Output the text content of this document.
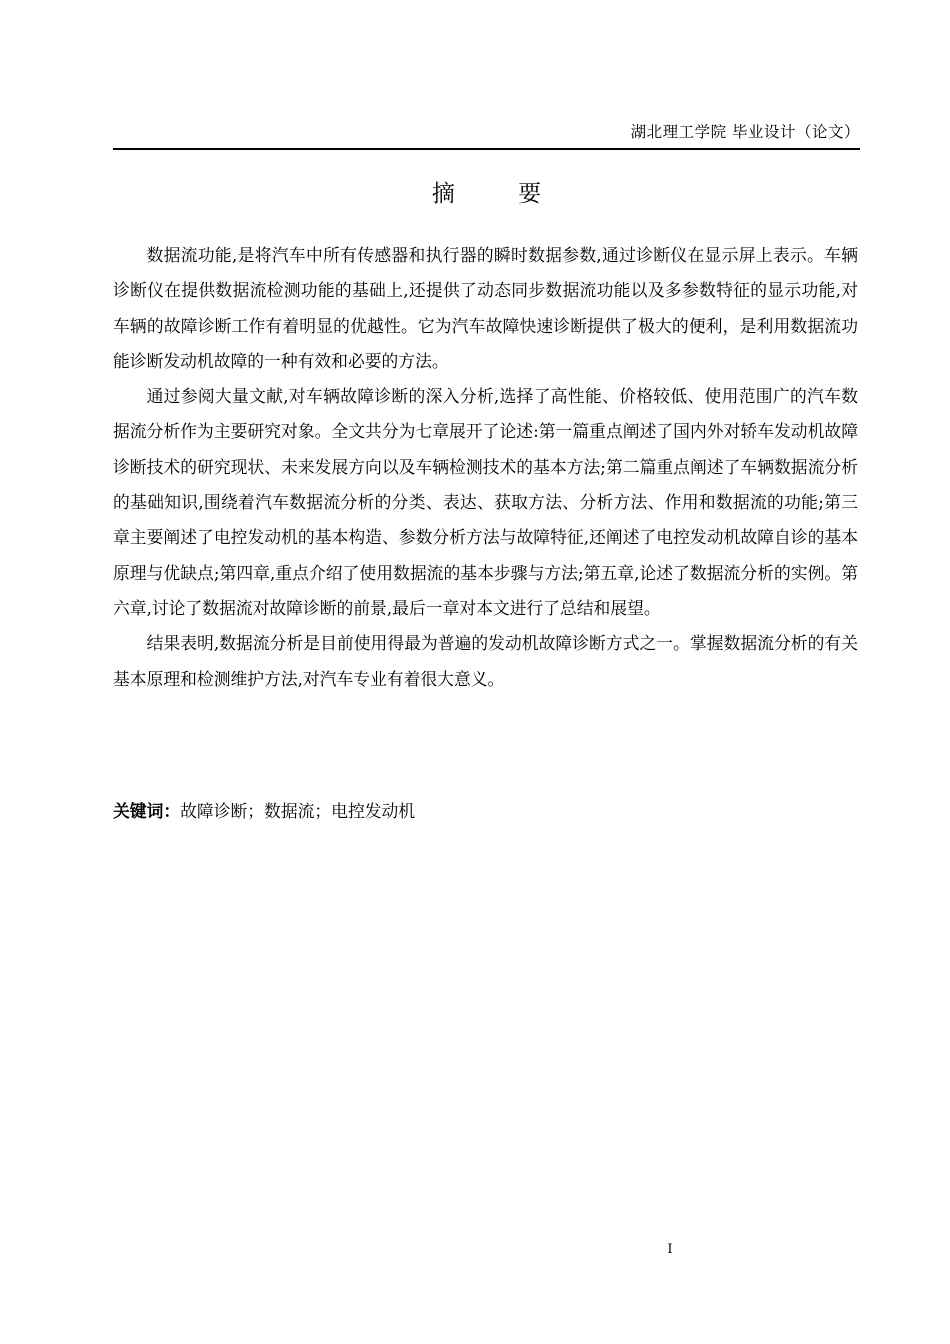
湖北理工学院 毕业设计（论文）
摘 要

数据流功能,是将汽车中所有传感器和执行器的瞬时数据参数,通过诊断仪在显示屏上表示。车辆诊断仪在提供数据流检测功能的基础上,还提供了动态同步数据流功能以及多参数特征的显示功能,对车辆的故障诊断工作有着明显的优越性。它为汽车故障快速诊断提供了极大的便利，是利用数据流功能诊断发动机故障的一种有效和必要的方法。

通过参阅大量文献,对车辆故障诊断的深入分析,选择了高性能、价格较低、使用范围广的汽车数据流分析作为主要研究对象。全文共分为七章展开了论述:第一篇重点阐述了国内外对轿车发动机故障诊断技术的研究现状、未来发展方向以及车辆检测技术的基本方法;第二篇重点阐述了车辆数据流分析的基础知识,围绕着汽车数据流分析的分类、表达、获取方法、分析方法、作用和数据流的功能;第三章主要阐述了电控发动机的基本构造、参数分析方法与故障特征,还阐述了电控发动机故障自诊的基本原理与优缺点;第四章,重点介绍了使用数据流的基本步骤与方法;第五章,论述了数据流分析的实例。第六章,讨论了数据流对故障诊断的前景,最后一章对本文进行了总结和展望。

结果表明,数据流分析是目前使用得最为普遍的发动机故障诊断方式之一。掌握数据流分析的有关基本原理和检测维护方法,对汽车专业有着很大意义。

关键词：故障诊断；数据流；电控发动机
I
